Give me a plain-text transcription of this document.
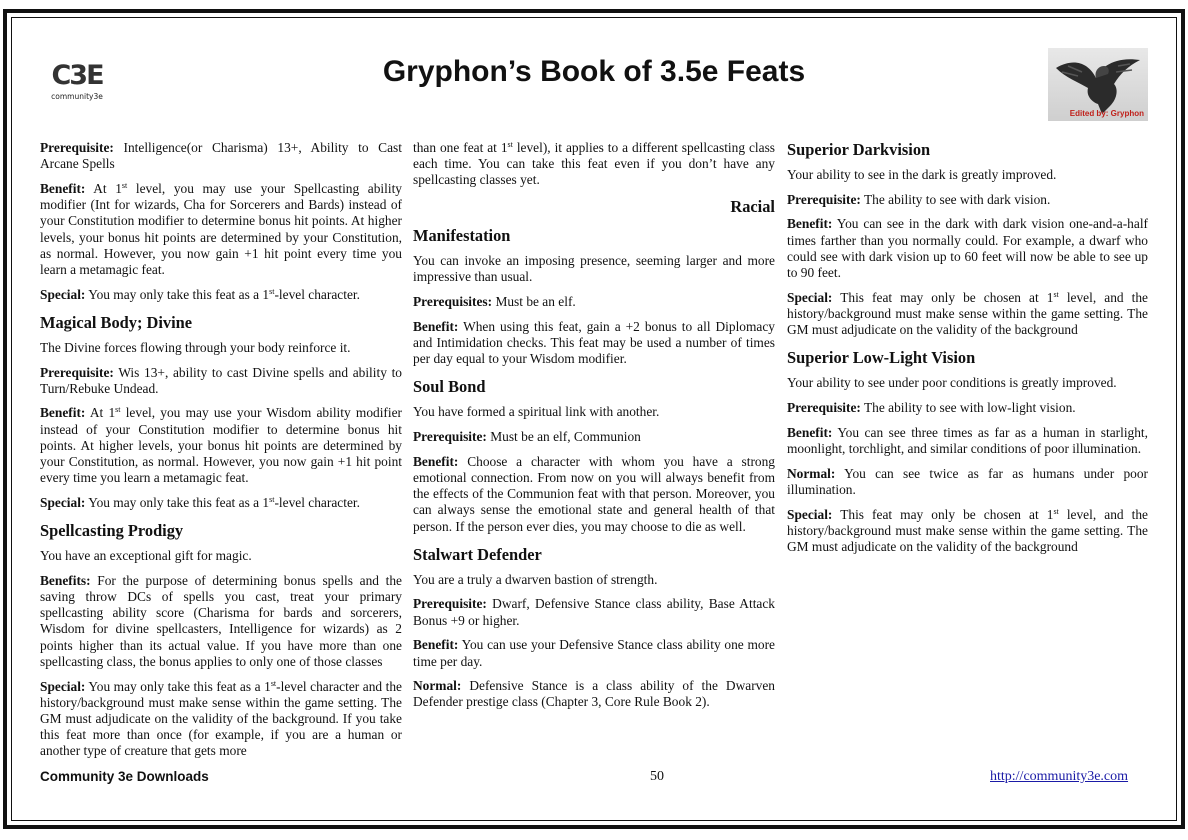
C3E
community3e
Gryphon’s Book of 3.5e Feats
Edited by: Gryphon

Prerequisite: Intelligence(or Charisma) 13+, Ability to Cast Arcane Spells

Benefit: At 1st level, you may use your Spellcasting ability modifier (Int for wizards, Cha for Sorcerers and Bards) instead of your Constitution modifier to determine bonus hit points. At higher levels, your bonus hit points are determined by your Constitution, as normal. However, you now gain +1 hit point every time you learn a metamagic feat.

Special: You may only take this feat as a 1st-level character.

Magical Body; Divine

The Divine forces flowing through your body reinforce it.

Prerequisite: Wis 13+, ability to cast Divine spells and ability to Turn/Rebuke Undead.

Benefit: At 1st level, you may use your Wisdom ability modifier instead of your Constitution modifier to determine bonus hit points. At higher levels, your bonus hit points are determined by your Constitution, as normal. However, you now gain +1 hit point every time you learn a metamagic feat.

Special: You may only take this feat as a 1st-level character.

Spellcasting Prodigy

You have an exceptional gift for magic.

Benefits: For the purpose of determining bonus spells and the saving throw DCs of spells you cast, treat your primary spellcasting ability score (Charisma for bards and sorcerers, Wisdom for divine spellcasters, Intelligence for wizards) as 2 points higher than its actual value. If you have more than one spellcasting class, the bonus applies to only one of those classes

Special: You may only take this feat as a 1st-level character and the history/background must make sense within the game setting. The GM must adjudicate on the validity of the background. If you take this feat more than once (for example, if you are a human or another type of creature that gets more

than one feat at 1st level), it applies to a different spellcasting class each time. You can take this feat even if you don’t have any spellcasting classes yet.

Racial
Manifestation

You can invoke an imposing presence, seeming larger and more impressive than usual.

Prerequisites: Must be an elf.

Benefit: When using this feat, gain a +2 bonus to all Diplomacy and Intimidation checks. This feat may be used a number of times per day equal to your Wisdom modifier.

Soul Bond

You have formed a spiritual link with another.

Prerequisite: Must be an elf, Communion

Benefit: Choose a character with whom you have a strong emotional connection. From now on you will always benefit from the effects of the Communion feat with that person. Moreover, you can always sense the emotional state and general health of that person. If the person ever dies, you may choose to die as well.

Stalwart Defender

You are a truly a dwarven bastion of strength.

Prerequisite: Dwarf, Defensive Stance class ability, Base Attack Bonus +9 or higher.

Benefit: You can use your Defensive Stance class ability one more time per day.

Normal: Defensive Stance is a class ability of the Dwarven Defender prestige class (Chapter 3, Core Rule Book 2).

Superior Darkvision

Your ability to see in the dark is greatly improved.

Prerequisite: The ability to see with dark vision.

Benefit: You can see in the dark with dark vision one-and-a-half times farther than you normally could. For example, a dwarf who could see with dark vision up to 60 feet will now be able to see up to 90 feet.

Special: This feat may only be chosen at 1st level, and the history/background must make sense within the game setting. The GM must adjudicate on the validity of the background

Superior Low-Light Vision

Your ability to see under poor conditions is greatly improved.

Prerequisite: The ability to see with low-light vision.

Benefit: You can see three times as far as a human in starlight, moonlight, torchlight, and similar conditions of poor illumination.

Normal: You can see twice as far as humans under poor illumination.

Special: This feat may only be chosen at 1st level, and the history/background must make sense within the game setting. The GM must adjudicate on the validity of the background

Community 3e Downloads	50	http://community3e.com
